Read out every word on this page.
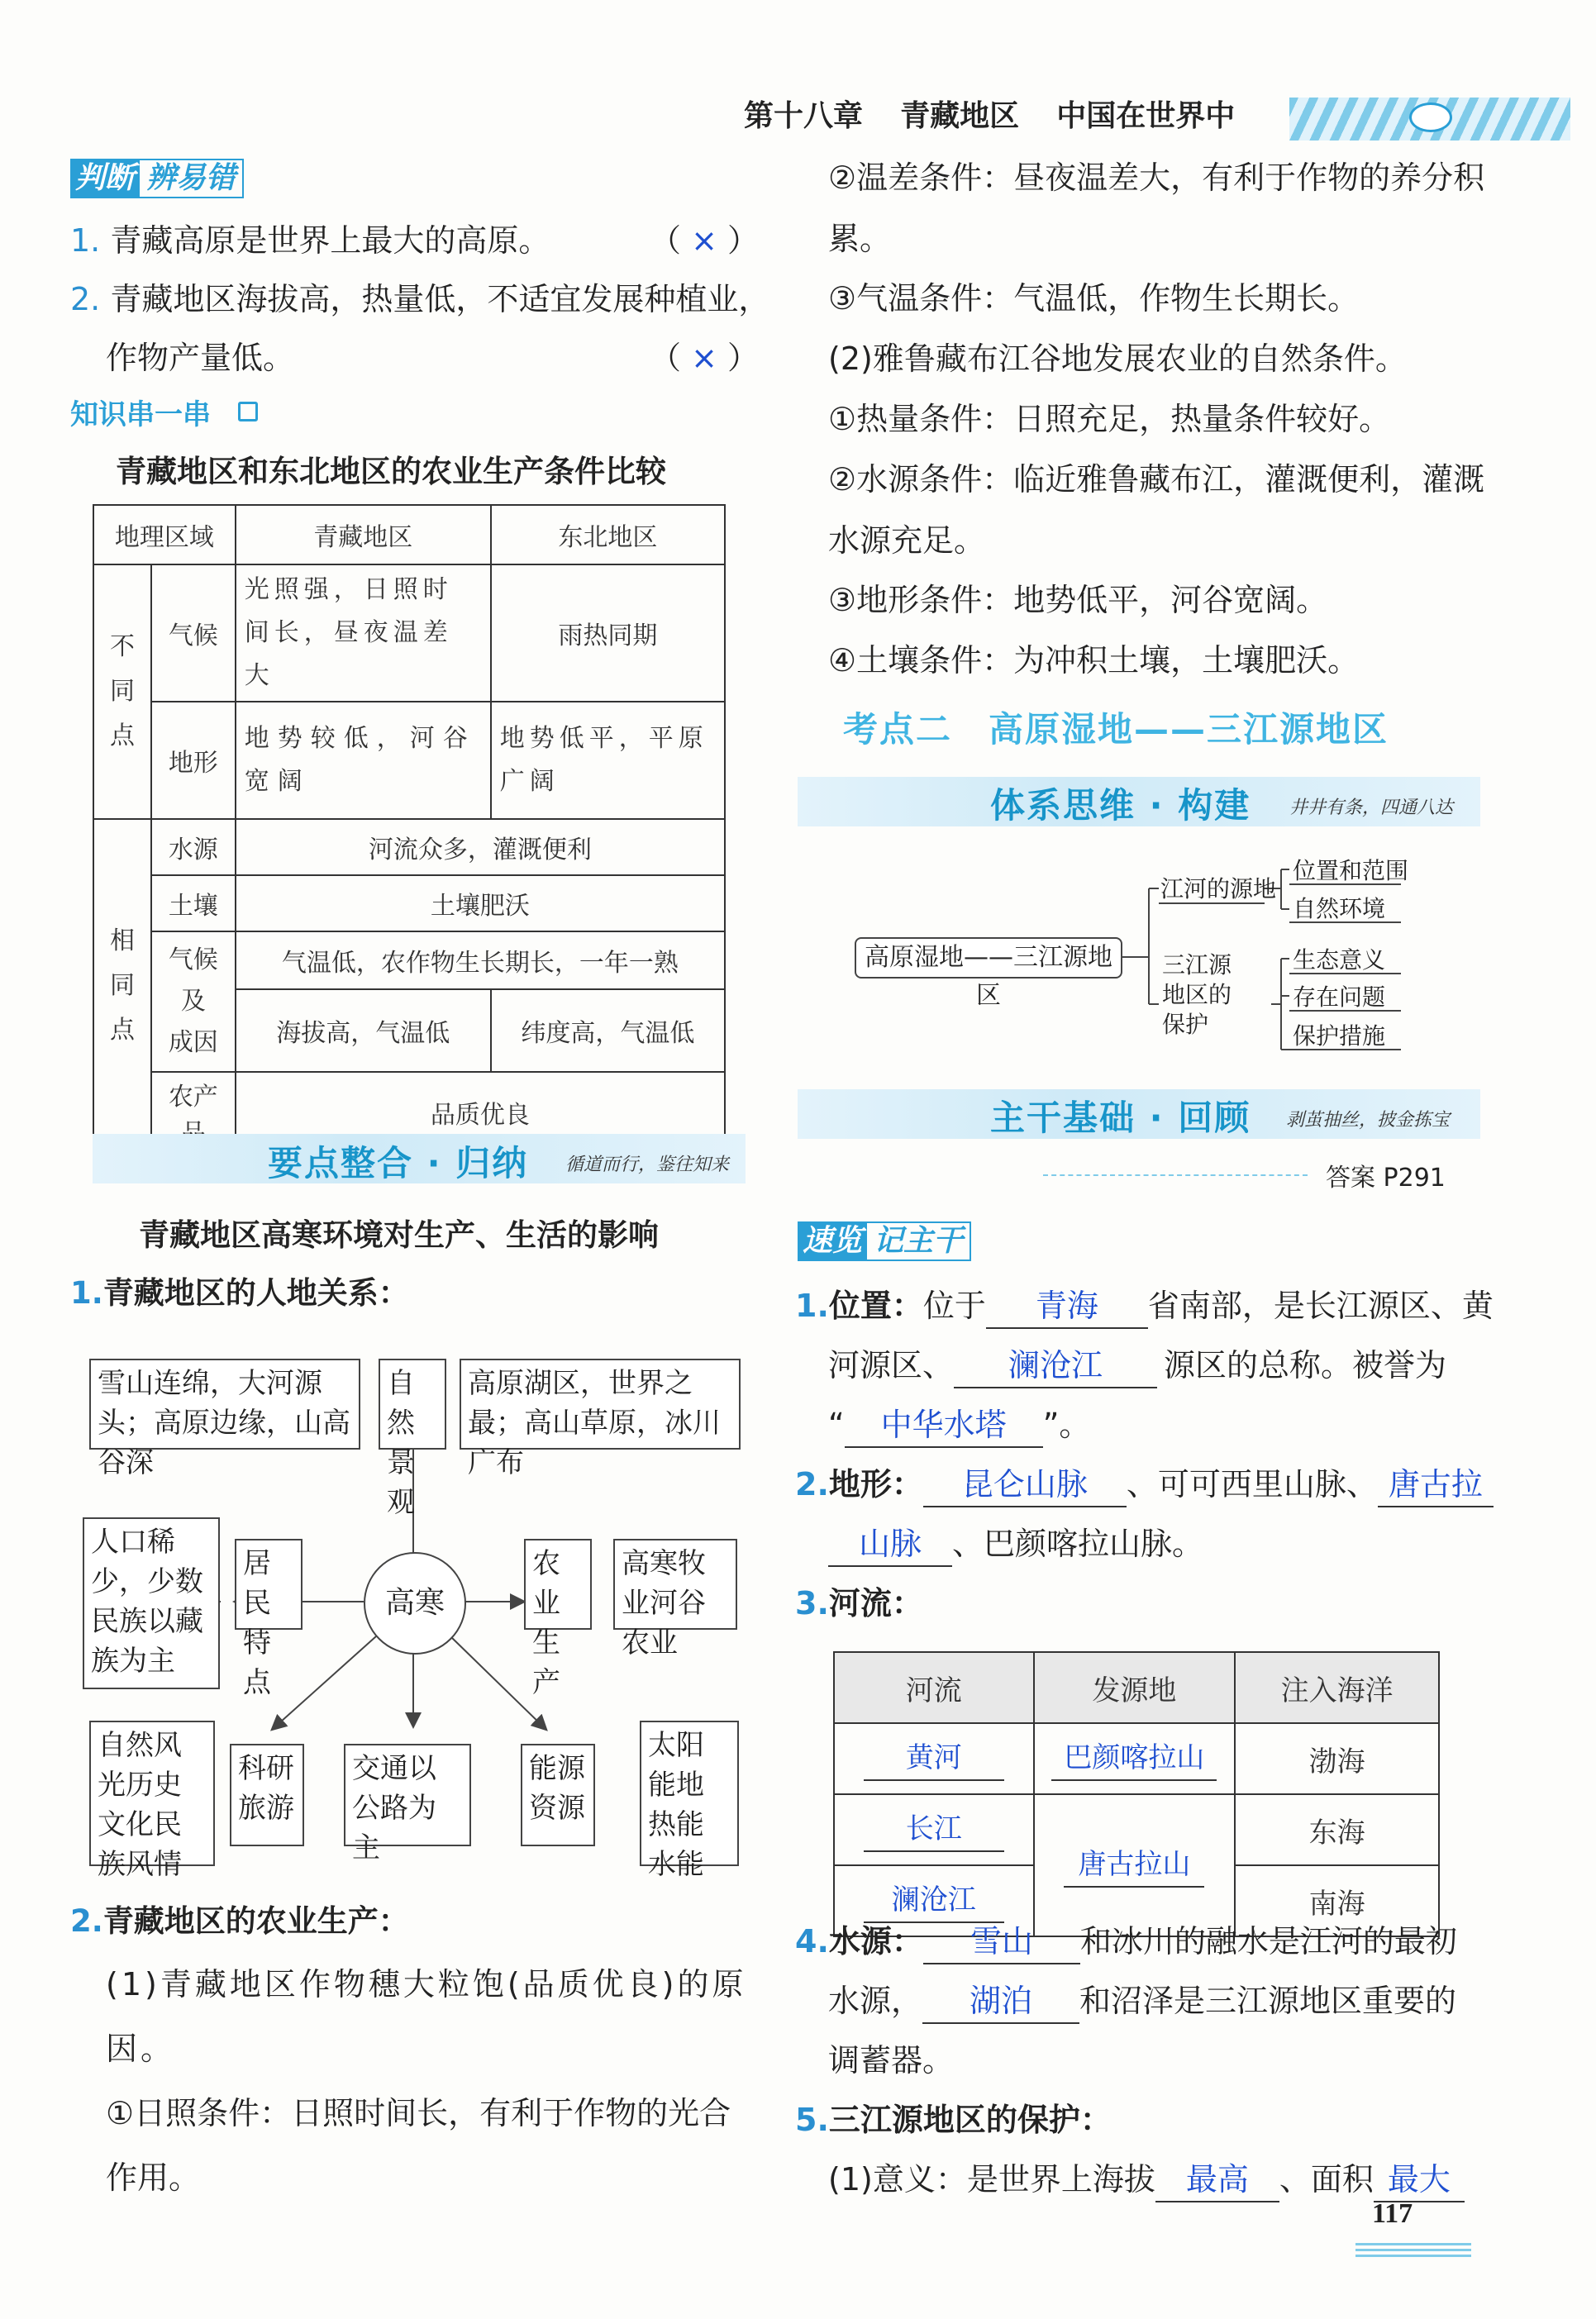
第十八章 青藏地区 中国在世界中
判断 辨易错
1. 青藏高原是世界上最大的高原。	（ × ）
2. 青藏地区海拔高，热量低，不适宜发展种植业，
作物产量低。	（ × ）
知识串一串
青藏地区和东北地区的农业生产条件比较
地理区域		青藏地区	东北地区

不
同
点	气候	光照强，日照时间长，昼夜温差大	雨热同期
	地形	地势较低，河谷宽阔	地势低平，平原广阔

相
同
点	水源	河流众多，灌溉便利	
	土壤	土壤肥沃	

	气候
及
成因	气温低，农作物生长期长，一年一熟	
		海拔高，气温低	纬度高，气温低
	农产	品质优良	
要点整合 · 归纳 循道而行，鉴往知来
青藏地区高寒环境对生产、生活的影响
1.青藏地区的人地关系：
雪山连绵，大河源头；高原边缘，山高谷深
自然景观
高原湖区，世界之最；高山草原，冰川广布
人口稀少，少数民族以藏族为主
居民特点
高寒
农业生产
高寒牧业河谷农业
自然风光历史文化民族风情
科研旅游
交通以公路为主
能源资源
太阳能地热能水能
2.青藏地区的农业生产：
(1)青藏地区作物穗大粒饱(品质优良)的原因。
①日照条件：日照时间长，有利于作物的光合作用。
②温差条件：昼夜温差大，有利于作物的养分积累。
③气温条件：气温低，作物生长期长。
(2)雅鲁藏布江谷地发展农业的自然条件。
①热量条件：日照充足，热量条件较好。
②水源条件：临近雅鲁藏布江，灌溉便利，灌溉水源充足。
③地形条件：地势低平，河谷宽阔。
④土壤条件：为冲积土壤，土壤肥沃。
考点二　高原湿地——三江源地区
体系思维 · 构建 井井有条，四通八达
高原湿地——三江源地区
江河的源地
位置和范围
自然环境
三江源地区的保护
生态意义
存在问题
保护措施
主干基础 · 回顾 剥茧抽丝，披金拣宝
答案 P291
速览 记主干
1.位置：位于 青海 省南部，是长江源区、黄
河源区、 澜沧江 源区的总称。被誉为
“ 中华水塔 ”。
2.地形： 昆仑山脉 、可可西里山脉、 唐古拉
山脉 、巴颜喀拉山脉。
3.河流：
河流	发源地	注入海洋
黄河	巴颜喀拉山	渤海
长江	唐古拉山	东海
澜沧江		南海
4.水源： 雪山 和冰川的融水是江河的最初
水源， 湖泊 和沼泽是三江源地区重要的
调蓄器。
5.三江源地区的保护：
(1)意义：是世界上海拔 最高 、面积 最大
117
